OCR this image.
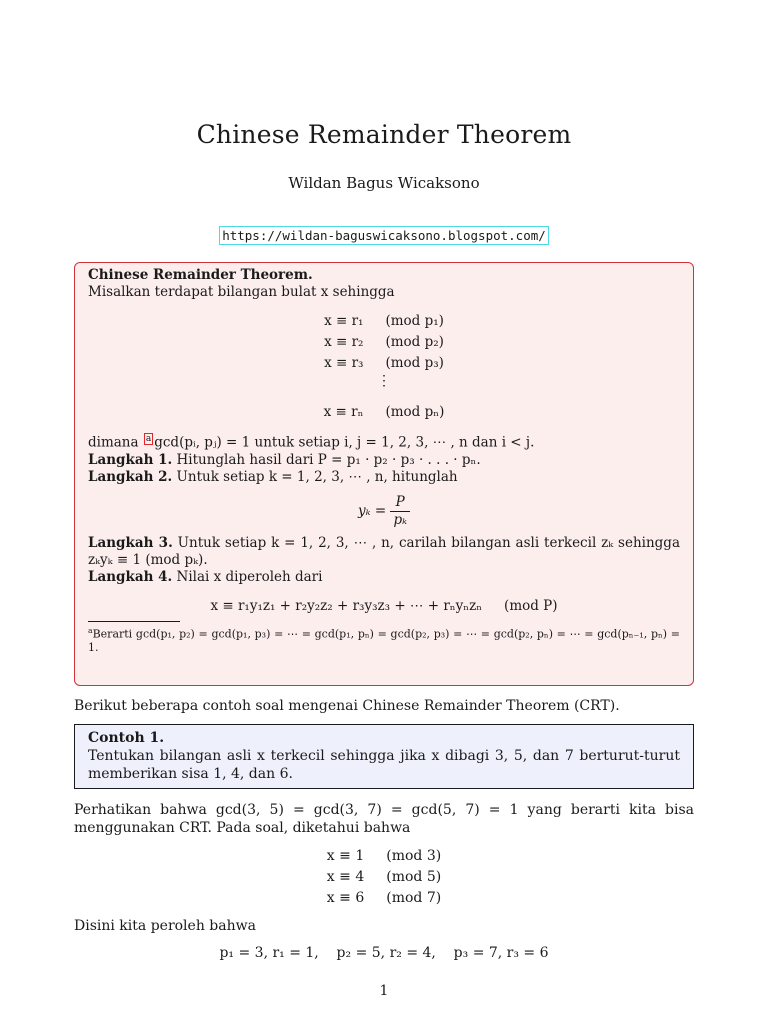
Chinese Remainder Theorem
Wildan Bagus Wicaksono
https://wildan-baguswicaksono.blogspot.com/
Chinese Remainder Theorem.
Misalkan terdapat bilangan bulat x sehingga
x ≡ r₁ (mod p₁)
x ≡ r₂ (mod p₂)
x ≡ r₃ (mod p₃)
⋮
x ≡ rₙ (mod pₙ)
dimana a gcd(pᵢ, pⱼ) = 1 untuk setiap i, j = 1, 2, 3, ⋯ , n dan i < j.
Langkah 1. Hitunglah hasil dari P = p₁ · p₂ · p₃ · . . . · pₙ.
Langkah 2. Untuk setiap k = 1, 2, 3, ⋯ , n, hitunglah
$y_k = \frac{P}{\text{pₖ}}$
Langkah 3. Untuk setiap k = 1, 2, 3, ⋯ , n, carilah bilangan asli terkecil zₖ sehingga zₖyₖ ≡ 1 (mod pₖ).
Langkah 4. Nilai x diperoleh dari
x ≡ r₁y₁z₁ + r₂y₂z₂ + r₃y₃z₃ + ⋯ + rₙyₙzₙ (mod P)
$^a$Berarti gcd(p₁, p₂) = gcd(p₁, p₃) = ⋯ = gcd(p₁, pₙ) = gcd(p₂, p₃) = ⋯ = gcd(p₂, pₙ) = ⋯ = gcd(pₙ₋₁, pₙ) = 1.
Berikut beberapa contoh soal mengenai Chinese Remainder Theorem (CRT).
Contoh 1.
Tentukan bilangan asli x terkecil sehingga jika x dibagi 3, 5, dan 7 berturut-turut memberikan sisa 1, 4, dan 6.
Perhatikan bahwa gcd(3, 5) = gcd(3, 7) = gcd(5, 7) = 1 yang berarti kita bisa menggunakan CRT. Pada soal, diketahui bahwa
x ≡ 1 (mod 3)
x ≡ 4 (mod 5)
x ≡ 6 (mod 7)
Disini kita peroleh bahwa
p₁ = 3, r₁ = 1,    p₂ = 5, r₂ = 4,    p₃ = 7, r₃ = 6
1
